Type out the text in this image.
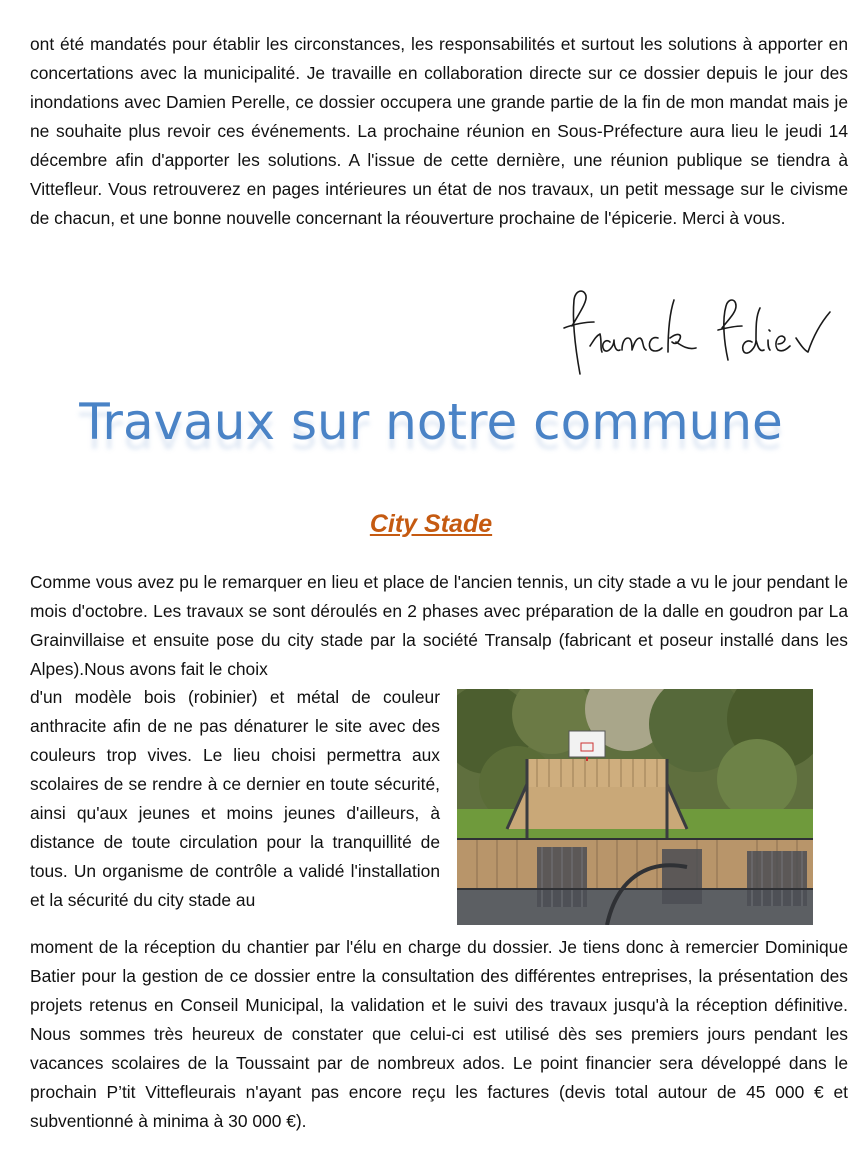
ont été mandatés pour établir les circonstances, les responsabilités et surtout les solutions à apporter en concertations avec la municipalité. Je travaille en collaboration directe sur ce dossier depuis le jour des inondations avec Damien Perelle, ce dossier occupera une grande partie de la fin de mon mandat mais je ne souhaite plus revoir ces événements. La prochaine réunion en Sous-Préfecture aura lieu le jeudi 14 décembre afin d'apporter les solutions. A l'issue de cette dernière, une réunion publique se tiendra à Vittefleur. Vous retrouverez en pages intérieures un état de nos travaux, un petit message sur le civisme de chacun, et une bonne nouvelle concernant la réouverture prochaine de l'épicerie. Merci à vous.

Travaux sur notre commune

City Stade

Comme vous avez pu le remarquer en lieu et place de l'ancien tennis, un city stade a vu le jour pendant le mois d'octobre. Les travaux se sont déroulés en 2 phases avec préparation de la dalle en goudron par La Grainvillaise et ensuite pose du city stade par la société Transalp (fabricant et poseur installé dans les Alpes).Nous avons fait le choix

d'un modèle bois (robinier) et métal de couleur anthracite afin de ne pas dénaturer le site avec des couleurs trop vives. Le lieu choisi permettra aux scolaires de se rendre à ce dernier en toute sécurité, ainsi qu'aux jeunes et moins jeunes d'ailleurs, à distance de toute circulation pour la tranquillité de tous. Un organisme de contrôle a validé l'installation et la sécurité du city stade au

moment de la réception du chantier par l'élu en charge du dossier. Je tiens donc à remercier Dominique Batier pour la gestion de ce dossier entre la consultation des différentes entreprises, la présentation des projets retenus en Conseil Municipal, la validation et le suivi des travaux jusqu'à la réception définitive. Nous sommes très heureux de constater que celui-ci est utilisé dès ses premiers jours pendant les vacances scolaires de la Toussaint par de nombreux ados. Le point financier sera développé dans le prochain P’tit Vittefleurais n'ayant pas encore reçu les factures (devis total autour de 45 000 € et subventionné à minima à 30 000 €).
